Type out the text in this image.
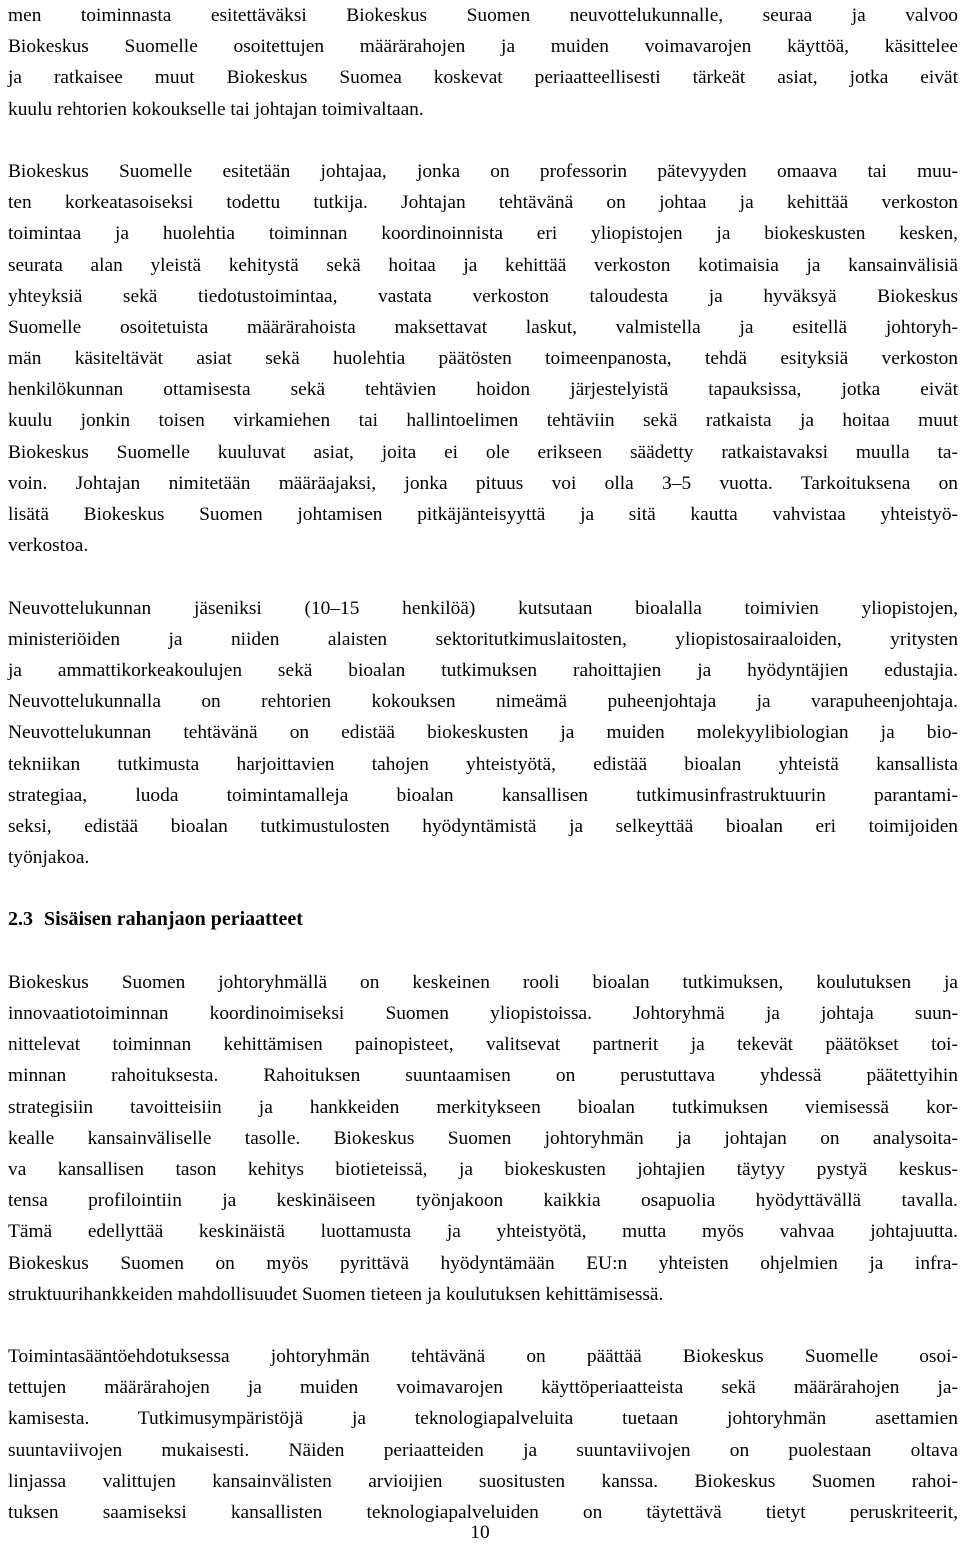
men toiminnasta esitettäväksi Biokeskus Suomen neuvottelukunnalle, seuraa ja valvoo
Biokeskus Suomelle osoitettujen määrärahojen ja muiden voimavarojen käyttöä, käsittelee
ja ratkaisee muut Biokeskus Suomea koskevat periaatteellisesti tärkeät asiat, jotka eivät
kuulu rehtorien kokoukselle tai johtajan toimivaltaan.
Biokeskus Suomelle esitetään johtajaa, jonka on professorin pätevyyden omaava tai muu-
ten korkeatasoiseksi todettu tutkija. Johtajan tehtävänä on johtaa ja kehittää verkoston
toimintaa ja huolehtia toiminnan koordinoinnista eri yliopistojen ja biokeskusten kesken,
seurata alan yleistä kehitystä sekä hoitaa ja kehittää verkoston kotimaisia ja kansainvälisiä
yhteyksiä sekä tiedotustoimintaa, vastata verkoston taloudesta ja hyväksyä Biokeskus
Suomelle osoitetuista määrärahoista maksettavat laskut, valmistella ja esitellä johtoryh-
män käsiteltävät asiat sekä huolehtia päätösten toimeenpanosta, tehdä esityksiä verkoston
henkilökunnan ottamisesta sekä tehtävien hoidon järjestelyistä tapauksissa, jotka eivät
kuulu jonkin toisen virkamiehen tai hallintoelimen tehtäviin sekä ratkaista ja hoitaa muut
Biokeskus Suomelle kuuluvat asiat, joita ei ole erikseen säädetty ratkaistavaksi muulla ta-
voin. Johtajan nimitetään määräajaksi, jonka pituus voi olla 3–5 vuotta. Tarkoituksena on
lisätä Biokeskus Suomen johtamisen pitkäjänteisyyttä ja sitä kautta vahvistaa yhteistyö-
verkostoa.
Neuvottelukunnan jäseniksi (10–15 henkilöä) kutsutaan bioalalla toimivien yliopistojen,
ministeriöiden ja niiden alaisten sektoritutkimuslaitosten, yliopistosairaaloiden, yritysten
ja ammattikorkeakoulujen sekä bioalan tutkimuksen rahoittajien ja hyödyntäjien edustajia.
Neuvottelukunnalla on rehtorien kokouksen nimeämä puheenjohtaja ja varapuheenjohtaja.
Neuvottelukunnan tehtävänä on edistää biokeskusten ja muiden molekyylibiologian ja bio-
tekniikan tutkimusta harjoittavien tahojen yhteistyötä, edistää bioalan yhteistä kansallista
strategiaa, luoda toimintamalleja bioalan kansallisen tutkimusinfrastruktuurin parantami-
seksi, edistää bioalan tutkimustulosten hyödyntämistä ja selkeyttää bioalan eri toimijoiden
työnjakoa.
2.3 Sisäisen rahanjaon periaatteet
Biokeskus Suomen johtoryhmällä on keskeinen rooli bioalan tutkimuksen, koulutuksen ja
innovaatiotoiminnan koordinoimiseksi Suomen yliopistoissa. Johtoryhmä ja johtaja suun-
nittelevat toiminnan kehittämisen painopisteet, valitsevat partnerit ja tekevät päätökset toi-
minnan rahoituksesta. Rahoituksen suuntaamisen on perustuttava yhdessä päätettyihin
strategisiin tavoitteisiin ja hankkeiden merkitykseen bioalan tutkimuksen viemisessä kor-
kealle kansainväliselle tasolle. Biokeskus Suomen johtoryhmän ja johtajan on analysoita-
va kansallisen tason kehitys biotieteissä, ja biokeskusten johtajien täytyy pystyä keskus-
tensa profilointiin ja keskinäiseen työnjakoon kaikkia osapuolia hyödyttävällä tavalla.
Tämä edellyttää keskinäistä luottamusta ja yhteistyötä, mutta myös vahvaa johtajuutta.
Biokeskus Suomen on myös pyrittävä hyödyntämään EU:n yhteisten ohjelmien ja infra-
struktuurihankkeiden mahdollisuudet Suomen tieteen ja koulutuksen kehittämisessä.
Toimintasääntöehdotuksessa johtoryhmän tehtävänä on päättää Biokeskus Suomelle osoi-
tettujen määrärahojen ja muiden voimavarojen käyttöperiaatteista sekä määrärahojen ja-
kamisesta. Tutkimusympäristöjä ja teknologiapalveluita tuetaan johtoryhmän asettamien
suuntaviivojen mukaisesti. Näiden periaatteiden ja suuntaviivojen on puolestaan oltava
linjassa valittujen kansainvälisten arvioijien suositusten kanssa. Biokeskus Suomen rahoi-
tuksen saamiseksi kansallisten teknologiapalveluiden on täytettävä tietyt peruskriteerit,
10
